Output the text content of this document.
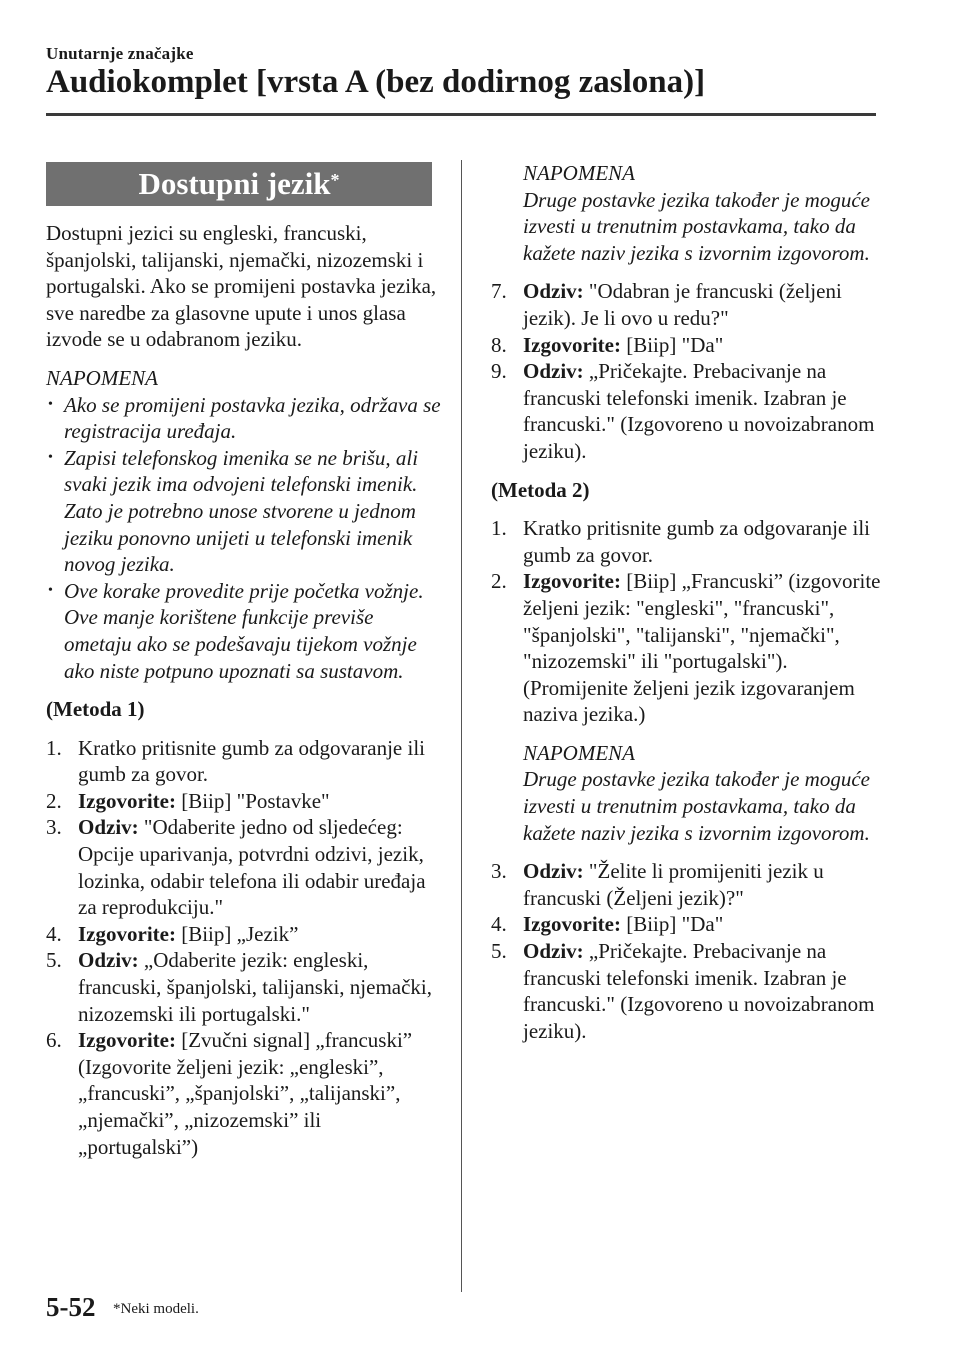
Unutarnje značajke
Audiokomplet [vrsta A (bez dodirnog zaslona)]
Dostupni jezik*

Dostupni jezici su engleski, francuski, španjolski, talijanski, njemački, nizozemski i portugalski. Ako se promijeni postavka jezika, sve naredbe za glasovne upute i unos glasa izvode se u odabranom jeziku.

NAPOMENA

• Ako se promijeni postavka jezika, održava se registracija uređaja.

• Zapisi telefonskog imenika se ne brišu, ali svaki jezik ima odvojeni telefonski imenik. Zato je potrebno unose stvorene u jednom jeziku ponovno unijeti u telefonski imenik novog jezika.

• Ove korake provedite prije početka vožnje. Ove manje korištene funkcije previše ometaju ako se podešavaju tijekom vožnje ako niste potpuno upoznati sa sustavom.

(Metoda 1)

1. Kratko pritisnite gumb za odgovaranje ili gumb za govor.

2. Izgovorite: [Biip] "Postavke"

3. Odziv: "Odaberite jedno od sljedećeg: Opcije uparivanja, potvrdni odzivi, jezik, lozinka, odabir telefona ili odabir uređaja za reprodukciju."

4. Izgovorite: [Biip] „Jezik”

5. Odziv: „Odaberite jezik: engleski, francuski, španjolski, talijanski, njemački, nizozemski ili portugalski."

6. Izgovorite: [Zvučni signal] „francuski” (Izgovorite željeni jezik: „engleski”, „francuski”, „španjolski”, „talijanski”, „njemački”, „nizozemski” ili „portugalski”)

NAPOMENA

Druge postavke jezika također je moguće izvesti u trenutnim postavkama, tako da kažete naziv jezika s izvornim izgovorom.

7. Odziv: "Odabran je francuski (željeni jezik). Je li ovo u redu?"

8. Izgovorite: [Biip] "Da"

9. Odziv: „Pričekajte. Prebacivanje na francuski telefonski imenik. Izabran je francuski." (Izgovoreno u novoizabranom jeziku).

(Metoda 2)

1. Kratko pritisnite gumb za odgovaranje ili gumb za govor.

2. Izgovorite: [Biip] „Francuski” (izgovorite željeni jezik: "engleski", "francuski", "španjolski", "talijanski", "njemački", "nizozemski" ili "portugalski"). (Promijenite željeni jezik izgovaranjem naziva jezika.)

NAPOMENA

Druge postavke jezika također je moguće izvesti u trenutnim postavkama, tako da kažete naziv jezika s izvornim izgovorom.

3. Odziv: "Želite li promijeniti jezik u francuski (Željeni jezik)?"

4. Izgovorite: [Biip] "Da"

5. Odziv: „Pričekajte. Prebacivanje na francuski telefonski imenik. Izabran je francuski." (Izgovoreno u novoizabranom jeziku).

5-52 *Neki modeli.
